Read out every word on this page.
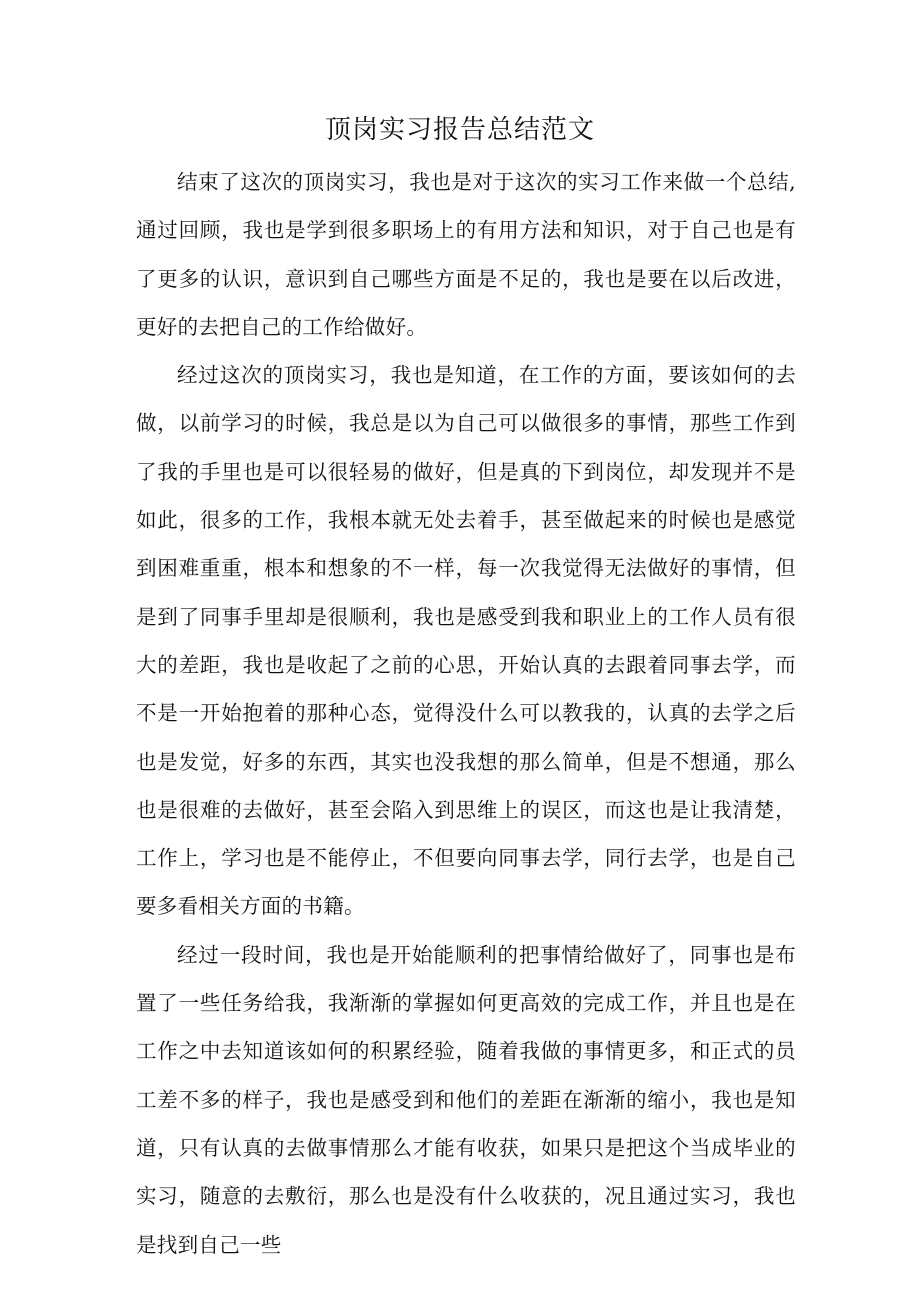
顶岗实习报告总结范文

结束了这次的顶岗实习，我也是对于这次的实习工作来做一个总结,通过回顾，我也是学到很多职场上的有用方法和知识，对于自己也是有了更多的认识，意识到自己哪些方面是不足的，我也是要在以后改进，更好的去把自己的工作给做好。

经过这次的顶岗实习，我也是知道，在工作的方面，要该如何的去做，以前学习的时候，我总是以为自己可以做很多的事情，那些工作到了我的手里也是可以很轻易的做好，但是真的下到岗位，却发现并不是如此，很多的工作，我根本就无处去着手，甚至做起来的时候也是感觉到困难重重，根本和想象的不一样，每一次我觉得无法做好的事情，但是到了同事手里却是很顺利，我也是感受到我和职业上的工作人员有很大的差距，我也是收起了之前的心思，开始认真的去跟着同事去学，而不是一开始抱着的那种心态，觉得没什么可以教我的，认真的去学之后也是发觉，好多的东西，其实也没我想的那么简单，但是不想通，那么也是很难的去做好，甚至会陷入到思维上的误区，而这也是让我清楚，工作上，学习也是不能停止，不但要向同事去学，同行去学，也是自己要多看相关方面的书籍。

经过一段时间，我也是开始能顺利的把事情给做好了，同事也是布置了一些任务给我，我渐渐的掌握如何更高效的完成工作，并且也是在工作之中去知道该如何的积累经验，随着我做的事情更多，和正式的员工差不多的样子，我也是感受到和他们的差距在渐渐的缩小，我也是知道，只有认真的去做事情那么才能有收获，如果只是把这个当成毕业的实习，随意的去敷衍，那么也是没有什么收获的，况且通过实习，我也是找到自己一些
